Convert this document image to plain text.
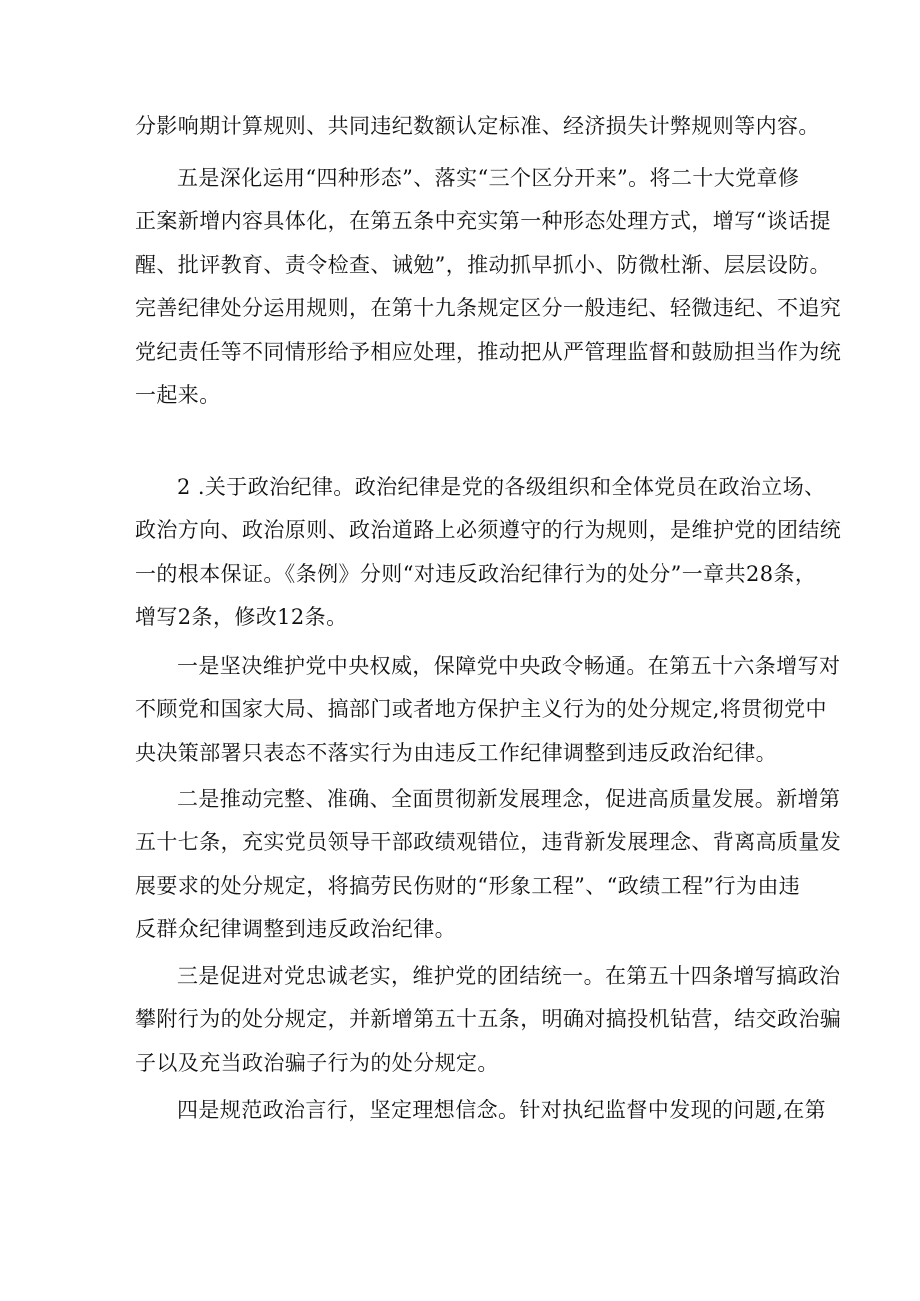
分影响期计算规则、共同违纪数额认定标准、经济损失计弊规则等内容。

五是深化运用“四种形态”、落实“三个区分开来”。将二十大党章修
正案新增内容具体化，在第五条中充实第一种形态处理方式，增写“谈话提
醒、批评教育、责令检查、诫勉”，推动抓早抓小、防微杜渐、层层设防。
完善纪律处分运用规则，在第十九条规定区分一般违纪、轻微违纪、不追究
党纪责任等不同情形给予相应处理，推动把从严管理监督和鼓励担当作为统
一起来。

2 .关于政治纪律。政治纪律是党的各级组织和全体党员在政治立场、
政治方向、政治原则、政治道路上必须遵守的行为规则，是维护党的团结统
一的根本保证。《条例》分则“对违反政治纪律行为的处分”一章共28条，
增写2条，修改12条。

一是坚决维护党中央权威，保障党中央政令畅通。在第五十六条增写对
不顾党和国家大局、搞部门或者地方保护主义行为的处分规定,将贯彻党中
央决策部署只表态不落实行为由违反工作纪律调整到违反政治纪律。

二是推动完整、准确、全面贯彻新发展理念，促进高质量发展。新增第
五十七条，充实党员领导干部政绩观错位，违背新发展理念、背离高质量发
展要求的处分规定，将搞劳民伤财的“形象工程”、“政绩工程”行为由违
反群众纪律调整到违反政治纪律。

三是促进对党忠诚老实，维护党的团结统一。在第五十四条增写搞政治
攀附行为的处分规定，并新增第五十五条，明确对搞投机钻营，结交政治骗
子以及充当政治骗子行为的处分规定。

四是规范政治言行，坚定理想信念。针对执纪监督中发现的问题,在第
